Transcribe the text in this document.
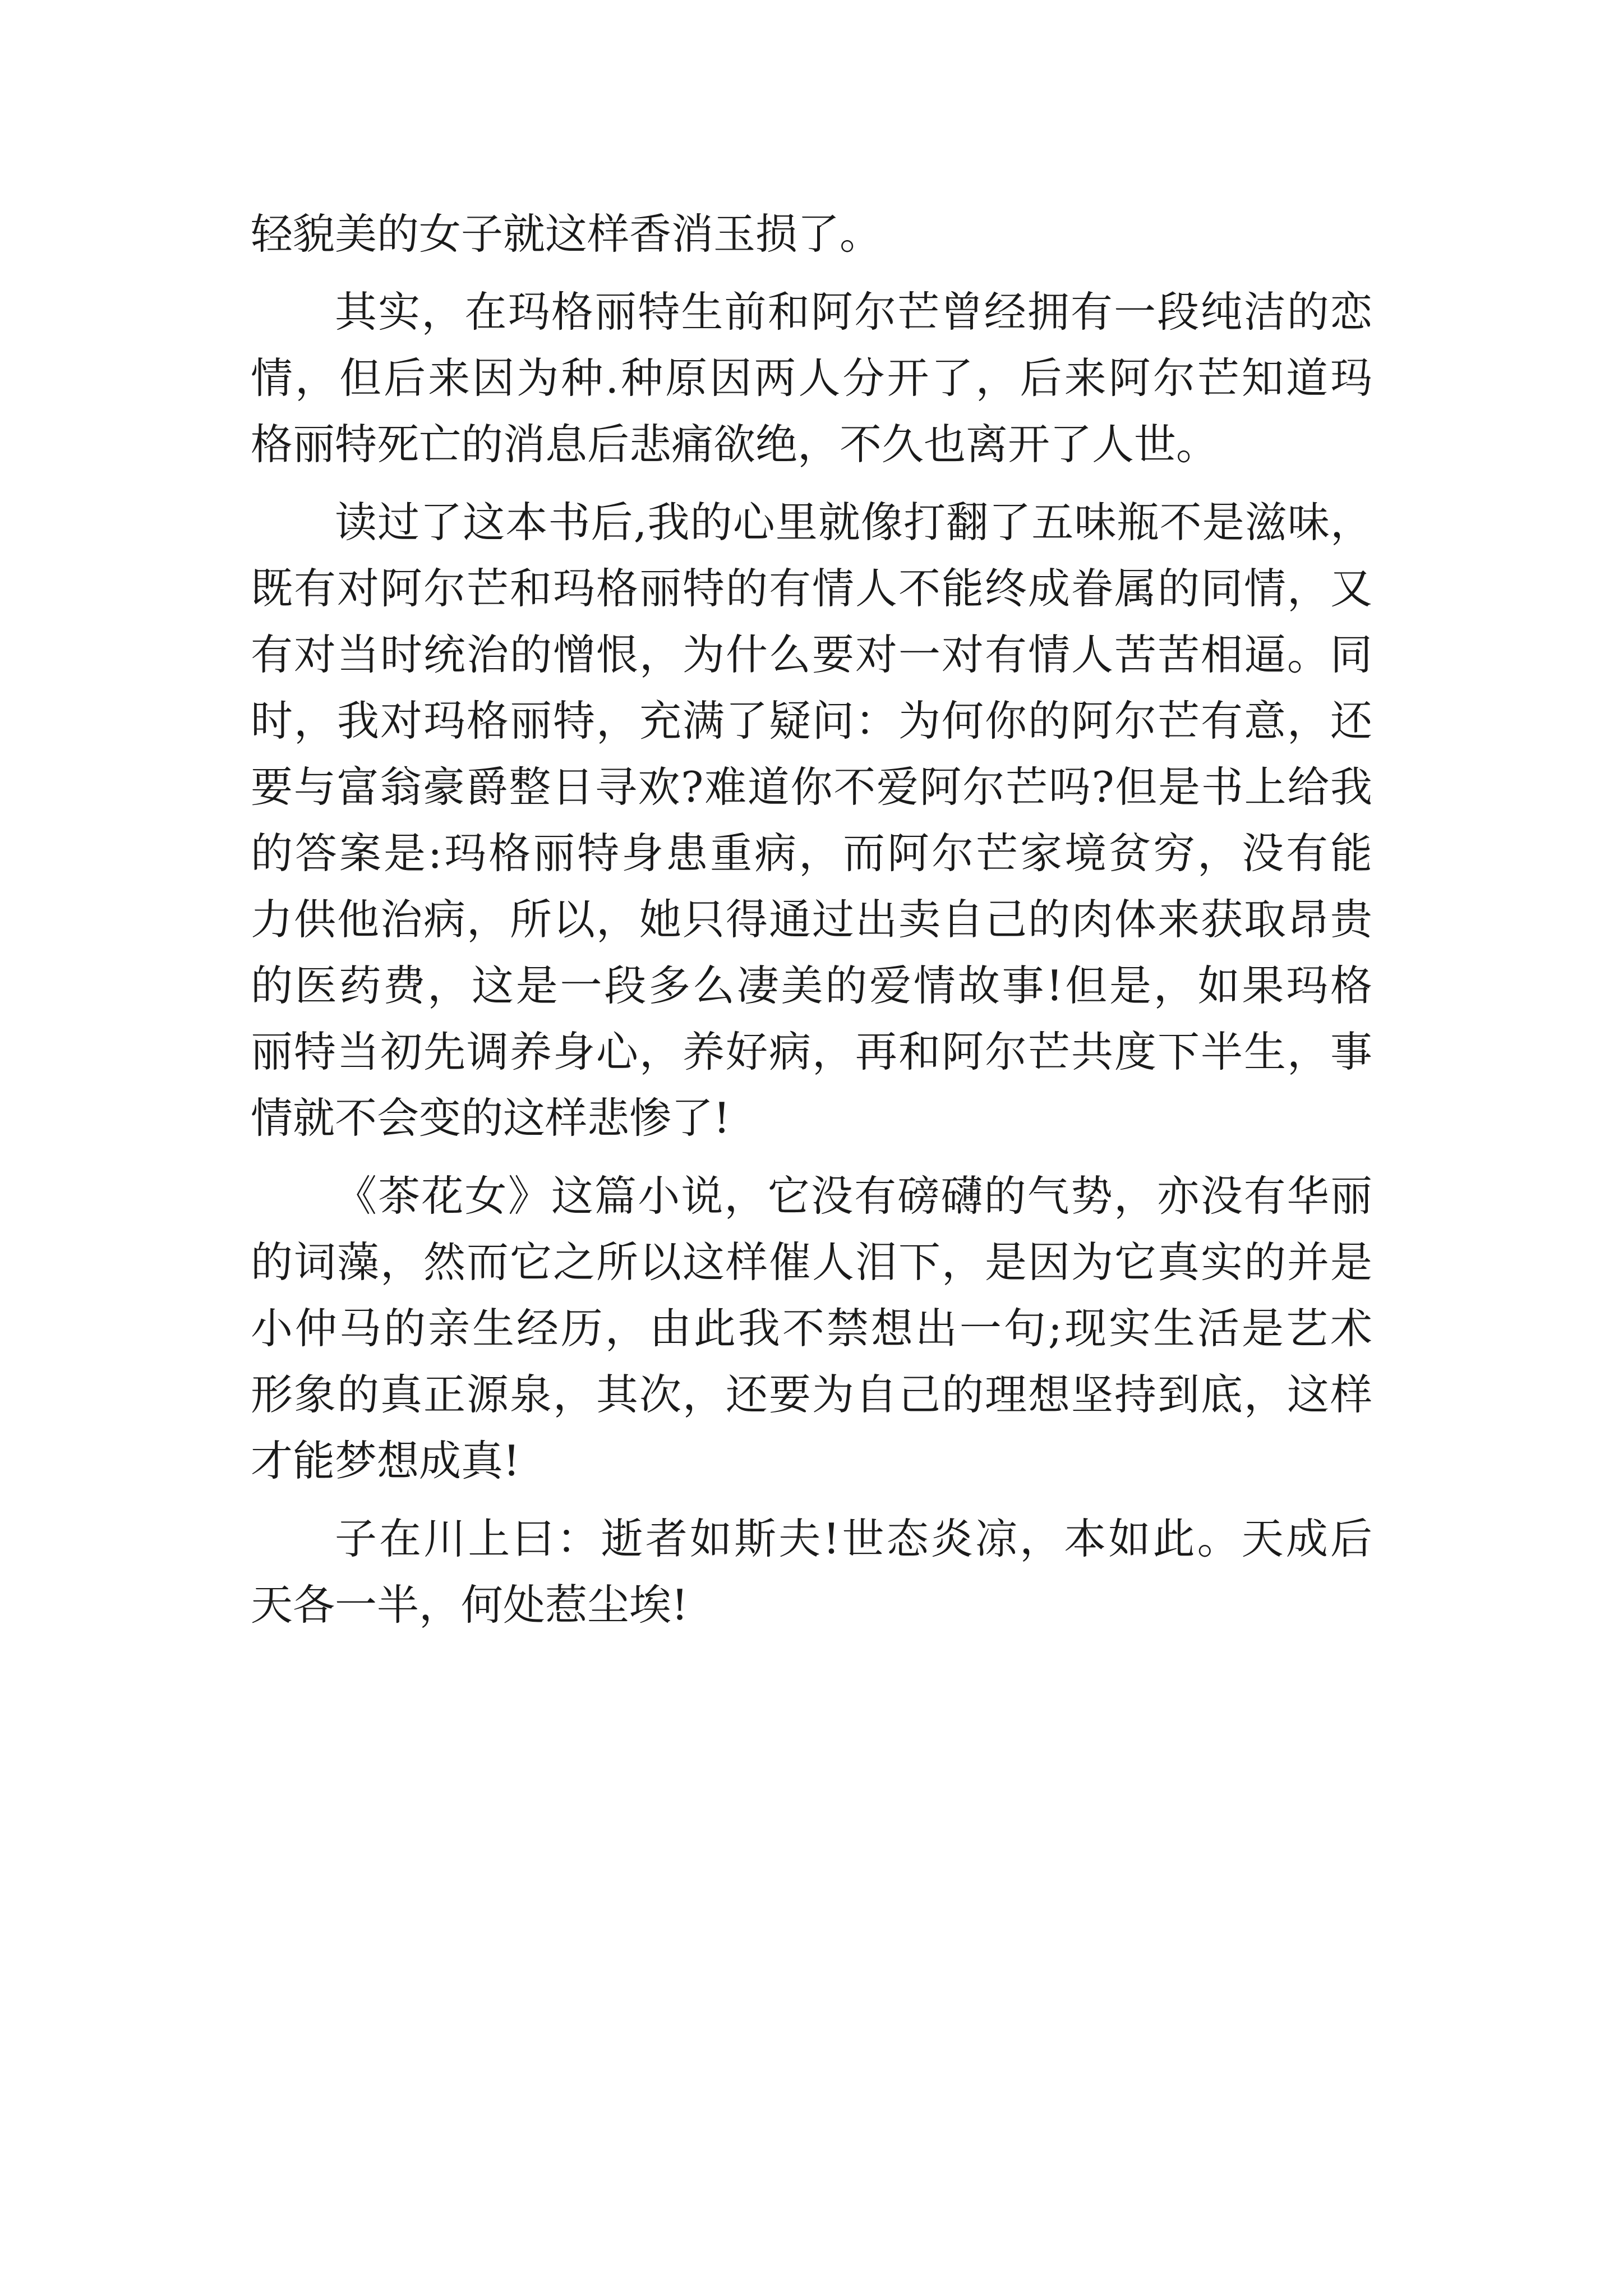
轻貌美的女子就这样香消玉损了。
其实，在玛格丽特生前和阿尔芒曾经拥有一段纯洁的恋
情，但后来因为种.种原因两人分开了，后来阿尔芒知道玛
格丽特死亡的消息后悲痛欲绝，不久也离开了人世。
读过了这本书后,我的心里就像打翻了五味瓶不是滋味，
既有对阿尔芒和玛格丽特的有情人不能终成眷属的同情，又
有对当时统治的憎恨，为什么要对一对有情人苦苦相逼。同
时，我对玛格丽特，充满了疑问：为何你的阿尔芒有意，还
要与富翁豪爵整日寻欢?难道你不爱阿尔芒吗?但是书上给我
的答案是:玛格丽特身患重病，而阿尔芒家境贫穷，没有能
力供他治病，所以，她只得通过出卖自己的肉体来获取昂贵
的医药费，这是一段多么凄美的爱情故事!但是，如果玛格
丽特当初先调养身心，养好病，再和阿尔芒共度下半生，事
情就不会变的这样悲惨了!
《茶花女》这篇小说，它没有磅礴的气势，亦没有华丽
的词藻，然而它之所以这样催人泪下，是因为它真实的并是
小仲马的亲生经历，由此我不禁想出一句;现实生活是艺术
形象的真正源泉，其次，还要为自己的理想坚持到底，这样
才能梦想成真!
子在川上曰：逝者如斯夫!世态炎凉，本如此。天成后
天各一半，何处惹尘埃!
